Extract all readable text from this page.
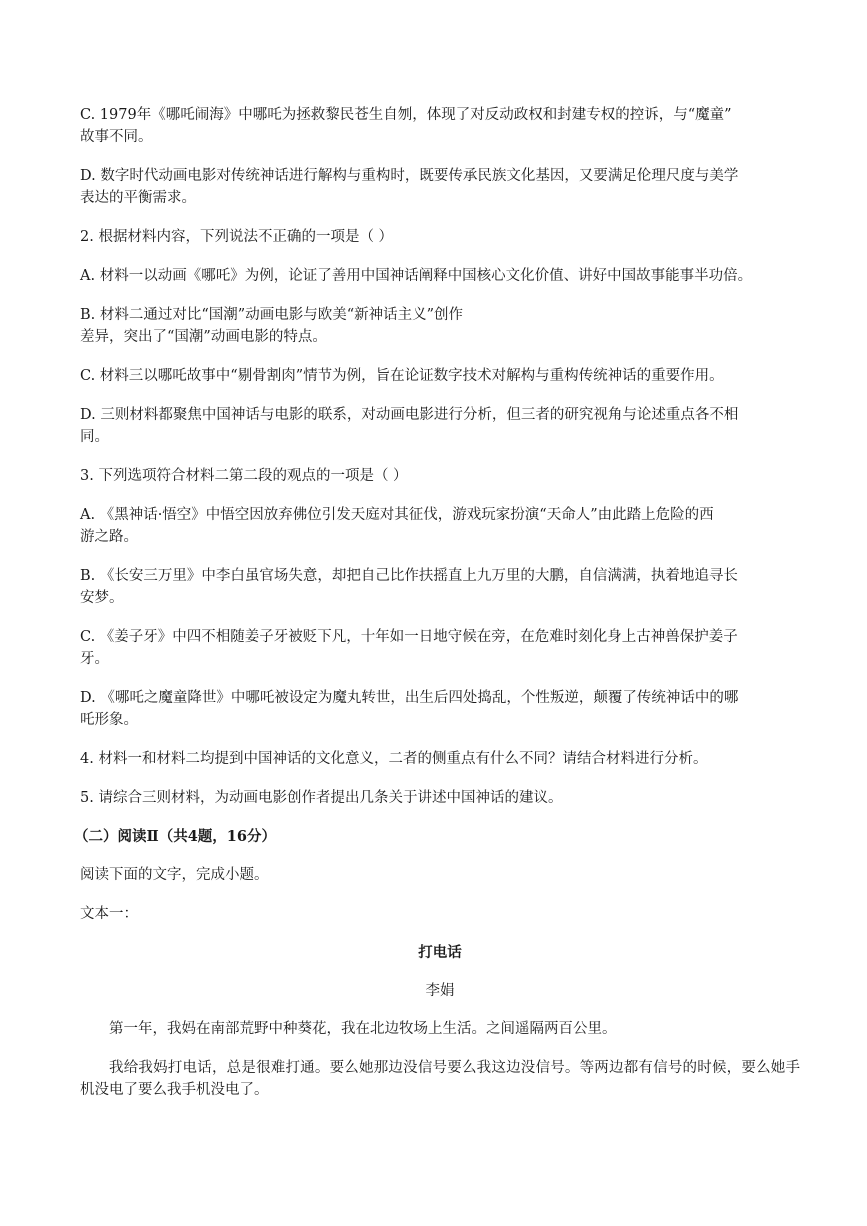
C. 1979年《哪吒闹海》中哪吒为拯救黎民苍生自刎，体现了对反动政权和封建专权的控诉，与“魔童”
故事不同。
D. 数字时代动画电影对传统神话进行解构与重构时，既要传承民族文化基因，又要满足伦理尺度与美学
表达的平衡需求。
2. 根据材料内容，下列说法不正确的一项是（ ）
A. 材料一以动画《哪吒》为例，论证了善用中国神话阐释中国核心文化价值、讲好中国故事能事半功倍。
B. 材料二通过对比“国潮”动画电影与欧美“新神话主义”创作
差异，突出了“国潮”动画电影的特点。
C. 材料三以哪吒故事中“剔骨割肉”情节为例，旨在论证数字技术对解构与重构传统神话的重要作用。
D. 三则材料都聚焦中国神话与电影的联系，对动画电影进行分析，但三者的研究视角与论述重点各不相
同。
3. 下列选项符合材料二第二段的观点的一项是（ ）
A. 《黑神话·悟空》中悟空因放弃佛位引发天庭对其征伐，游戏玩家扮演“天命人”由此踏上危险的西
游之路。
B. 《长安三万里》中李白虽官场失意，却把自己比作扶摇直上九万里的大鹏，自信满满，执着地追寻长
安梦。
C. 《姜子牙》中四不相随姜子牙被贬下凡，十年如一日地守候在旁，在危难时刻化身上古神兽保护姜子
牙。
D. 《哪吒之魔童降世》中哪吒被设定为魔丸转世，出生后四处捣乱，个性叛逆，颠覆了传统神话中的哪
吒形象。
4. 材料一和材料二均提到中国神话的文化意义，二者的侧重点有什么不同？请结合材料进行分析。
5. 请综合三则材料，为动画电影创作者提出几条关于讲述中国神话的建议。
（二）阅读Ⅱ（共4题，16分）
阅读下面的文字，完成小题。
文本一：
打电话
李娟
第一年，我妈在南部荒野中种葵花，我在北边牧场上生活。之间遥隔两百公里。
我给我妈打电话，总是很难打通。要么她那边没信号要么我这边没信号。等两边都有信号的时候，要么她手机没电了要么我手机没电了。
